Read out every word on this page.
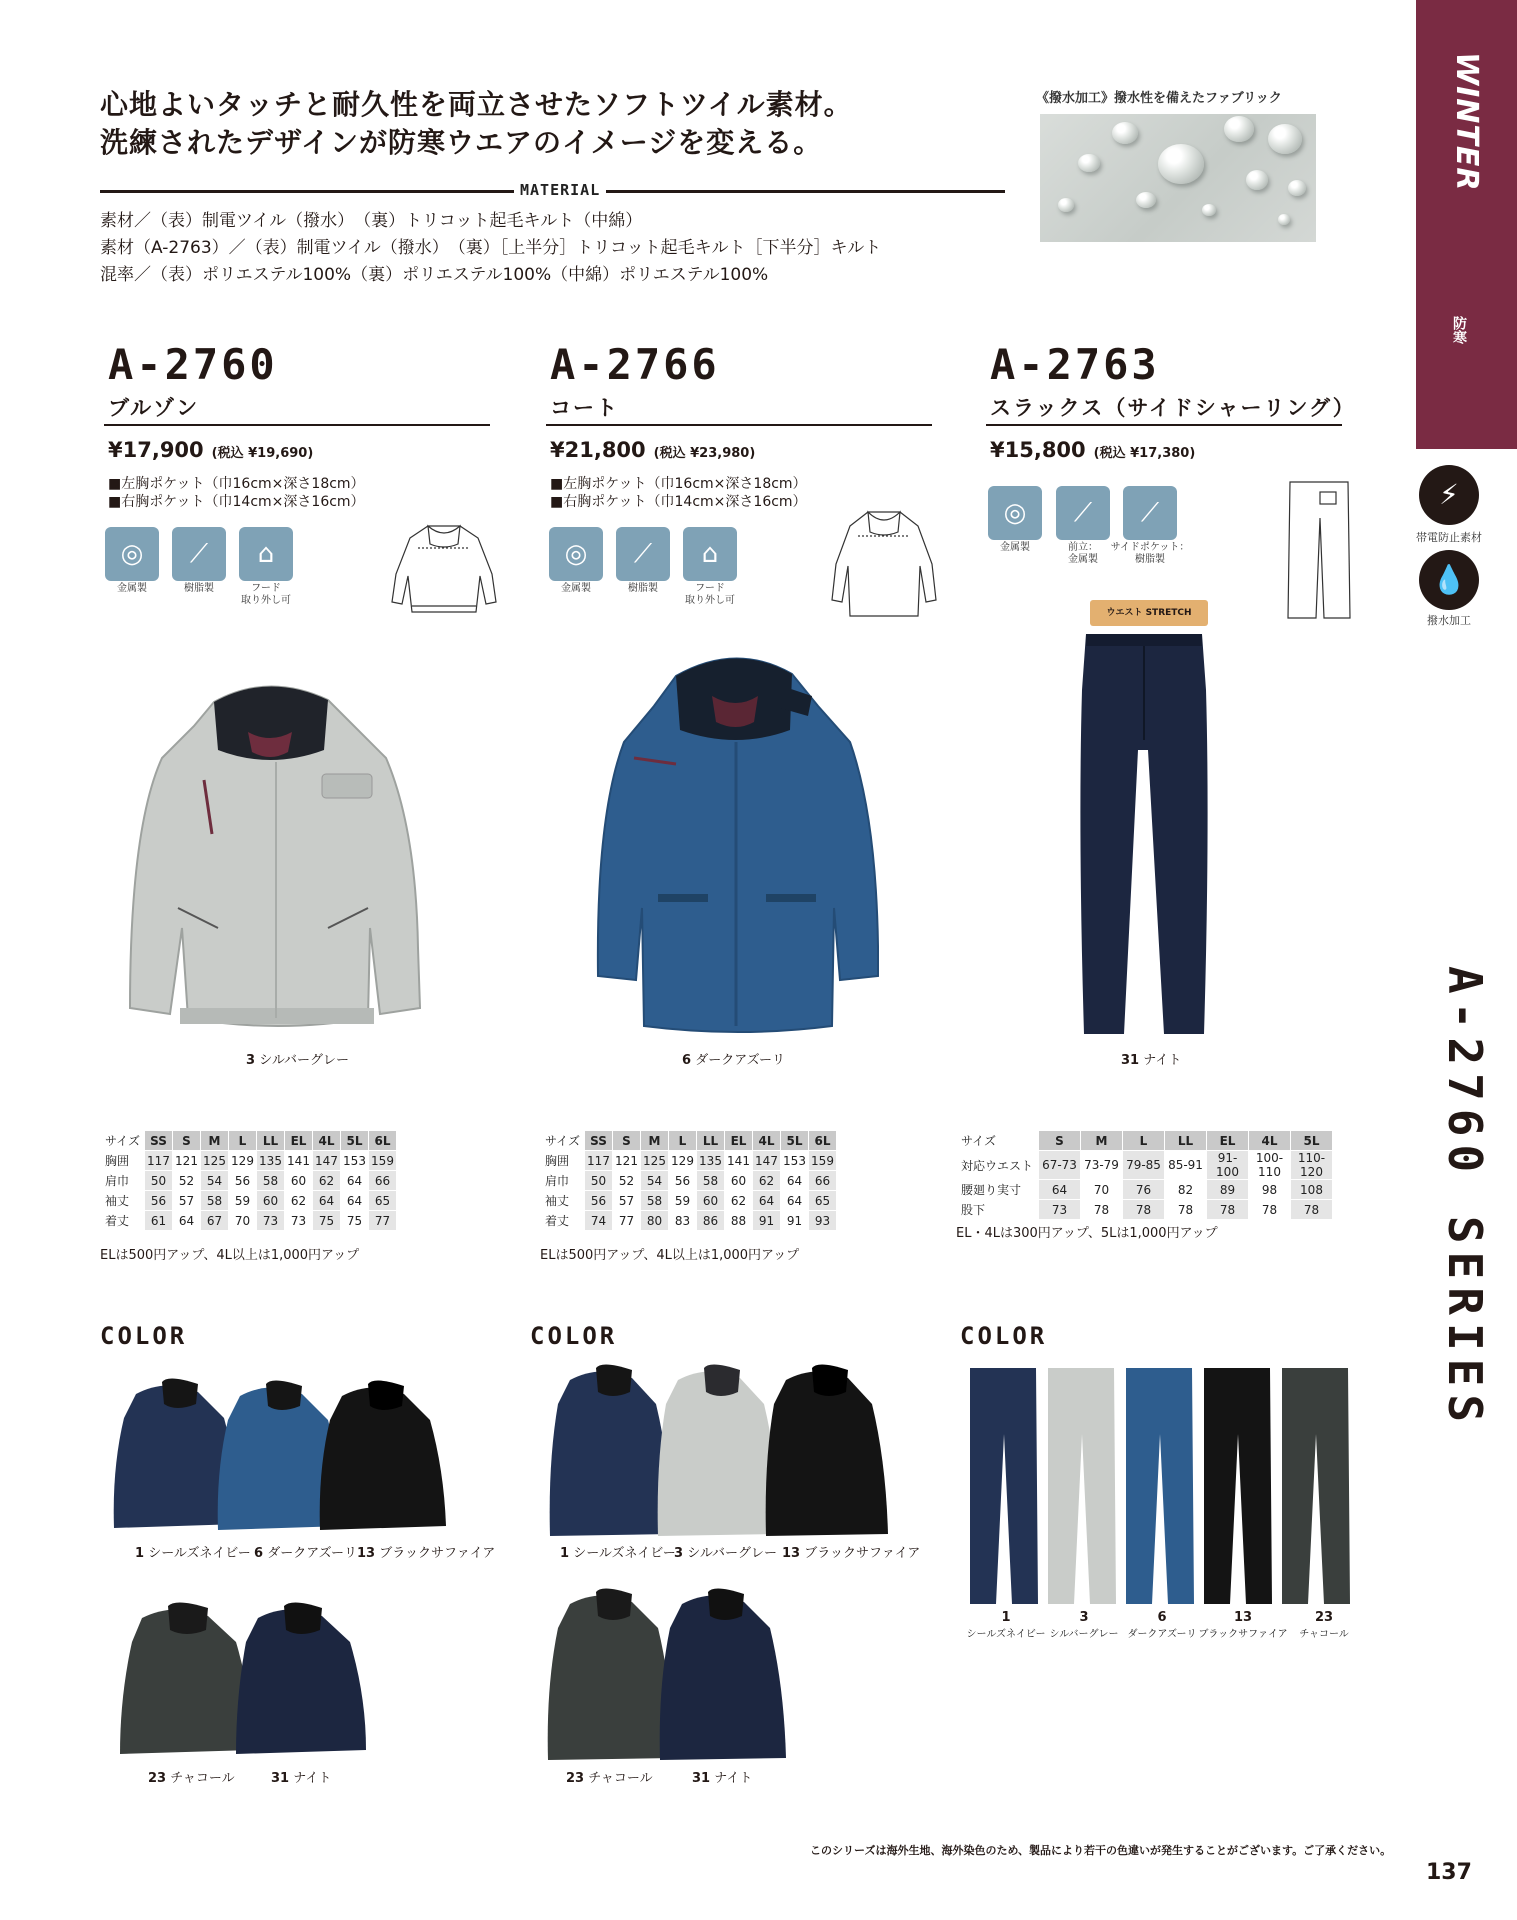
心地よいタッチと耐久性を両立させたソフトツイル素材。
洗練されたデザインが防寒ウエアのイメージを変える。
MATERIAL
素材／（表）制電ツイル（撥水）　（裏）トリコット起毛キルト（中綿）
素材（A-2763）／（表）制電ツイル（撥水）　（裏）［上半分］トリコット起毛キルト［下半分］キルト
混率／（表）ポリエステル100%（裏）ポリエステル100%（中綿）ポリエステル100%
《撥水加工》撥水性を備えたファブリック	WINTER MODEL
防寒
⚡
帯電防止素材
💧
撥水加工
A-2760 SERIES
A-2760
ブルゾン
¥17,900 (税込 ¥19,690)
■左胸ポケット（巾16cm×深さ18cm）
■右胸ポケット（巾14cm×深さ16cm）
◎
金属製
⟋
樹脂製
⌂
フード
取り外し可
3 シルバーグレー
サイズ	SS	S	M	L	LL	EL	4L	5L	6L
胸囲	117	121	125	129	135	141	147	153	159
肩巾	50	52	54	56	58	60	62	64	66
袖丈	56	57	58	59	60	62	64	64	65
着丈	61	64	67	70	73	73	75	75	77
ELは500円アップ、4L以上は1,000円アップ
COLOR
1 シールズネイビー 6 ダークアズーリ 13 ブラックサファイア
23 チャコール	31 ナイト
A-2766
コート
¥21,800 (税込 ¥23,980)
■左胸ポケット（巾16cm×深さ18cm）
■右胸ポケット（巾14cm×深さ16cm）
◎
金属製
⟋
樹脂製
⌂
フード
取り外し可
6 ダークアズーリ
サイズ	SS	S	M	L	LL	EL	4L	5L	6L
胸囲	117	121	125	129	135	141	147	153	159
肩巾	50	52	54	56	58	60	62	64	66
袖丈	56	57	58	59	60	62	64	64	65
着丈	74	77	80	83	86	88	91	91	93
ELは500円アップ、4L以上は1,000円アップ
COLOR
1 シールズネイビー
3 シルバーグレー 13 ブラックサファイア
23 チャコール	31 ナイト
A-2763
スラックス（サイドシャーリング）
¥15,800 (税込 ¥17,380)
◎
金属製
⟋
前立：
金属製
⟋
サイドポケット：
樹脂製
ウエスト STRETCH
31 ナイト
サイズ	S	M	L	LL	EL	4L	5L
対応ウエスト	67-73	73-79	79-85	85-91	91-100	100-110	110-120
腰廻り実寸	64	70	76	82	89	98	108
股下	73	78	78	78	78	78	78
EL・4Lは300円アップ、5Lは1,000円アップ
COLOR
1
シールズネイビー
3
シルバーグレー
6
ダークアズーリ
13
ブラックサファイア
23
チャコール
このシリーズは海外生地、海外染色のため、製品により若干の色違いが発生することがございます。ご了承ください。
137
